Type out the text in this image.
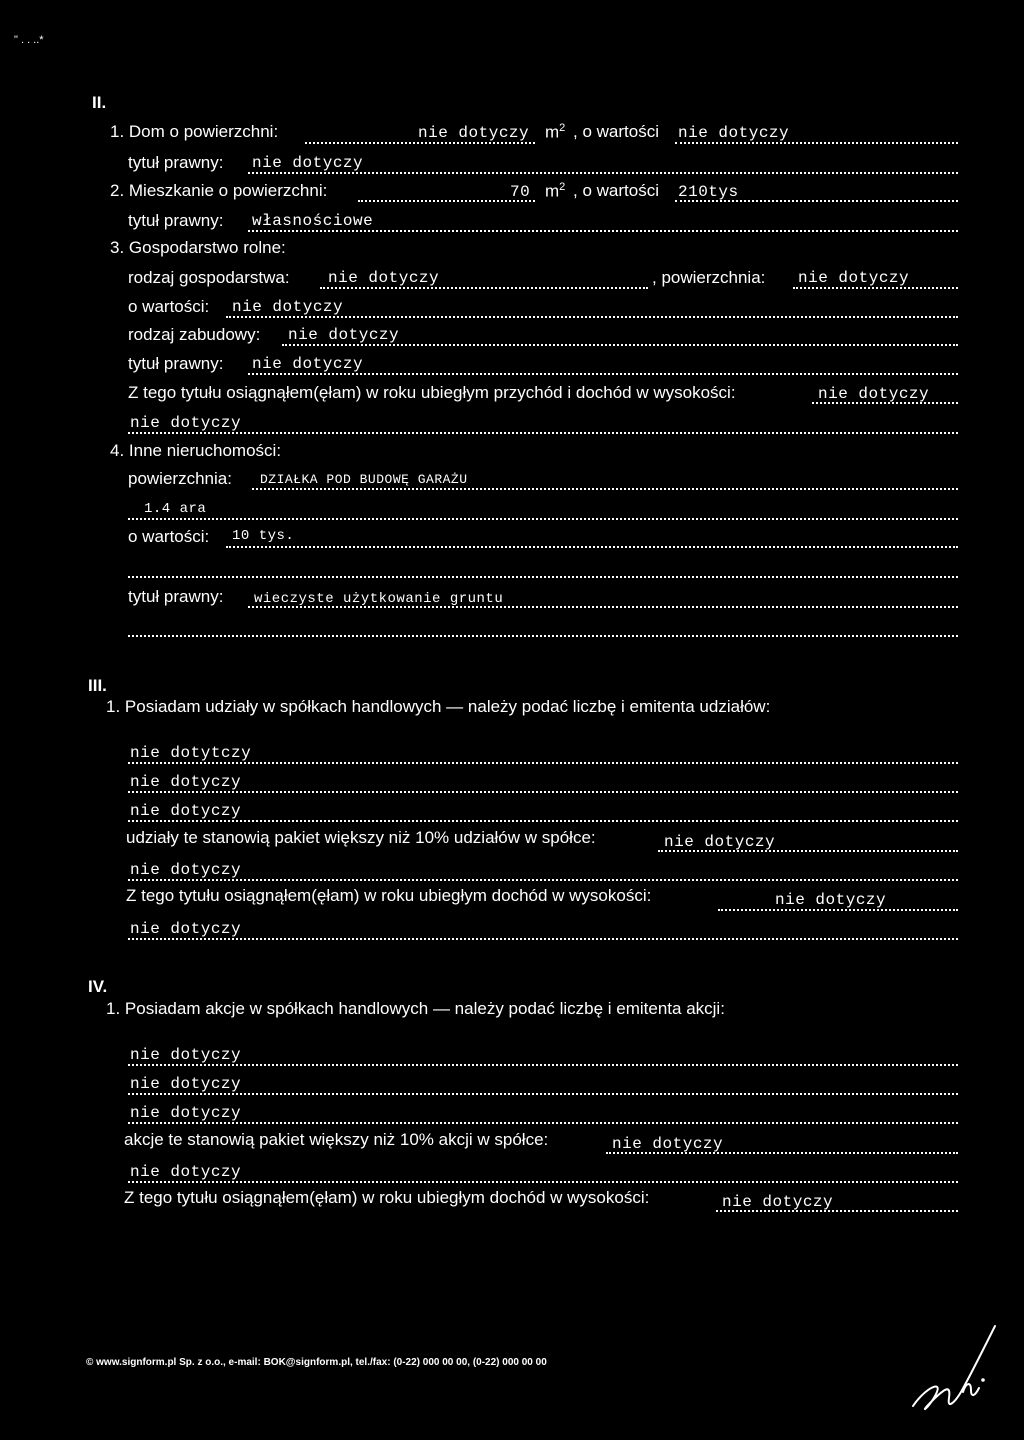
" . . ..*
II.
1. Dom o powierzchni:	nie dotyczy $m^2$ , o wartości nie dotyczy
tytuł prawny: nie dotyczy
2. Mieszkanie o powierzchni:	70 $m^2$ , o wartości 210tys
tytuł prawny: własnościowe
3. Gospodarstwo rolne:
rodzaj gospodarstwa: nie dotyczy	, powierzchnia: nie dotyczy
o wartości: nie dotyczy
rodzaj zabudowy: nie dotyczy
tytuł prawny: nie dotyczy
Z tego tytułu osiągnąłem(ęłam) w roku ubiegłym przychód i dochód w wysokości:	nie dotyczy
nie dotyczy
4. Inne nieruchomości:
powierzchnia: DZIAŁKA POD BUDOWĘ GARAŻU
1.4 ara
o wartości: 10 tys.
tytuł prawny: wieczyste użytkowanie gruntu
III.
1. Posiadam udziały w spółkach handlowych — należy podać liczbę i emitenta udziałów:
nie dotytczy
nie dotyczy
nie dotyczy
udziały te stanowią pakiet większy niż 10% udziałów w spółce:	nie dotyczy
nie dotyczy
Z tego tytułu osiągnąłem(ęłam) w roku ubiegłym dochód w wysokości:	nie dotyczy
nie dotyczy
IV.
1. Posiadam akcje w spółkach handlowych — należy podać liczbę i emitenta akcji:
nie dotyczy
nie dotyczy
nie dotyczy
akcje te stanowią pakiet większy niż 10% akcji w spółce:	nie dotyczy
nie dotyczy
Z tego tytułu osiągnąłem(ęłam) w roku ubiegłym dochód w wysokości:	nie dotyczy
© www.signform.pl Sp. z o.o., e-mail: BOK@signform.pl, tel./fax: (0-22) 000 00 00, (0-22) 000 00 00
